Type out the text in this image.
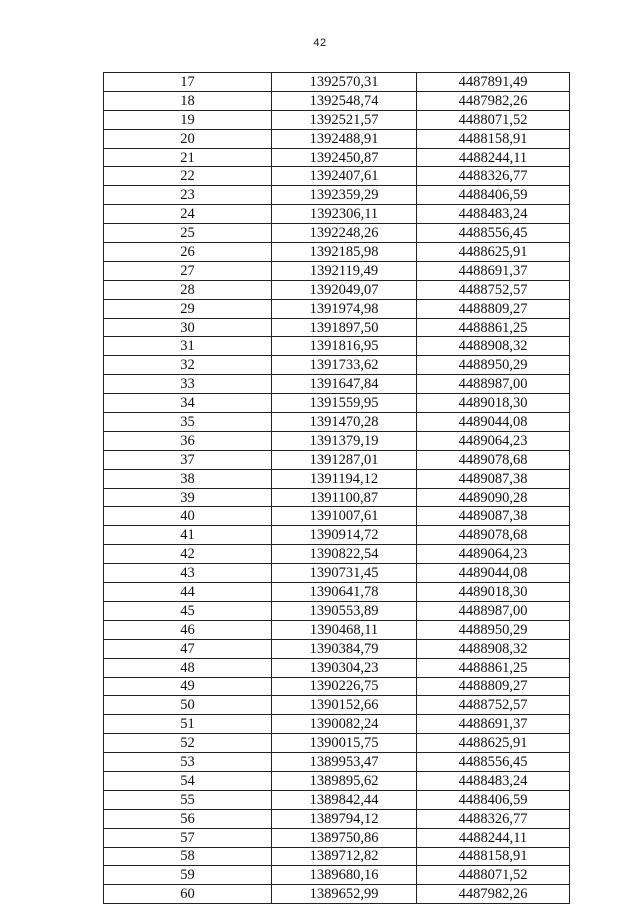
42
17	1392570,31	4487891,49
18	1392548,74	4487982,26
19	1392521,57	4488071,52
20	1392488,91	4488158,91
21	1392450,87	4488244,11
22	1392407,61	4488326,77
23	1392359,29	4488406,59
24	1392306,11	4488483,24
25	1392248,26	4488556,45
26	1392185,98	4488625,91
27	1392119,49	4488691,37
28	1392049,07	4488752,57
29	1391974,98	4488809,27
30	1391897,50	4488861,25
31	1391816,95	4488908,32
32	1391733,62	4488950,29
33	1391647,84	4488987,00
34	1391559,95	4489018,30
35	1391470,28	4489044,08
36	1391379,19	4489064,23
37	1391287,01	4489078,68
38	1391194,12	4489087,38
39	1391100,87	4489090,28
40	1391007,61	4489087,38
41	1390914,72	4489078,68
42	1390822,54	4489064,23
43	1390731,45	4489044,08
44	1390641,78	4489018,30
45	1390553,89	4488987,00
46	1390468,11	4488950,29
47	1390384,79	4488908,32
48	1390304,23	4488861,25
49	1390226,75	4488809,27
50	1390152,66	4488752,57
51	1390082,24	4488691,37
52	1390015,75	4488625,91
53	1389953,47	4488556,45
54	1389895,62	4488483,24
55	1389842,44	4488406,59
56	1389794,12	4488326,77
57	1389750,86	4488244,11
58	1389712,82	4488158,91
59	1389680,16	4488071,52
60	1389652,99	4487982,26
